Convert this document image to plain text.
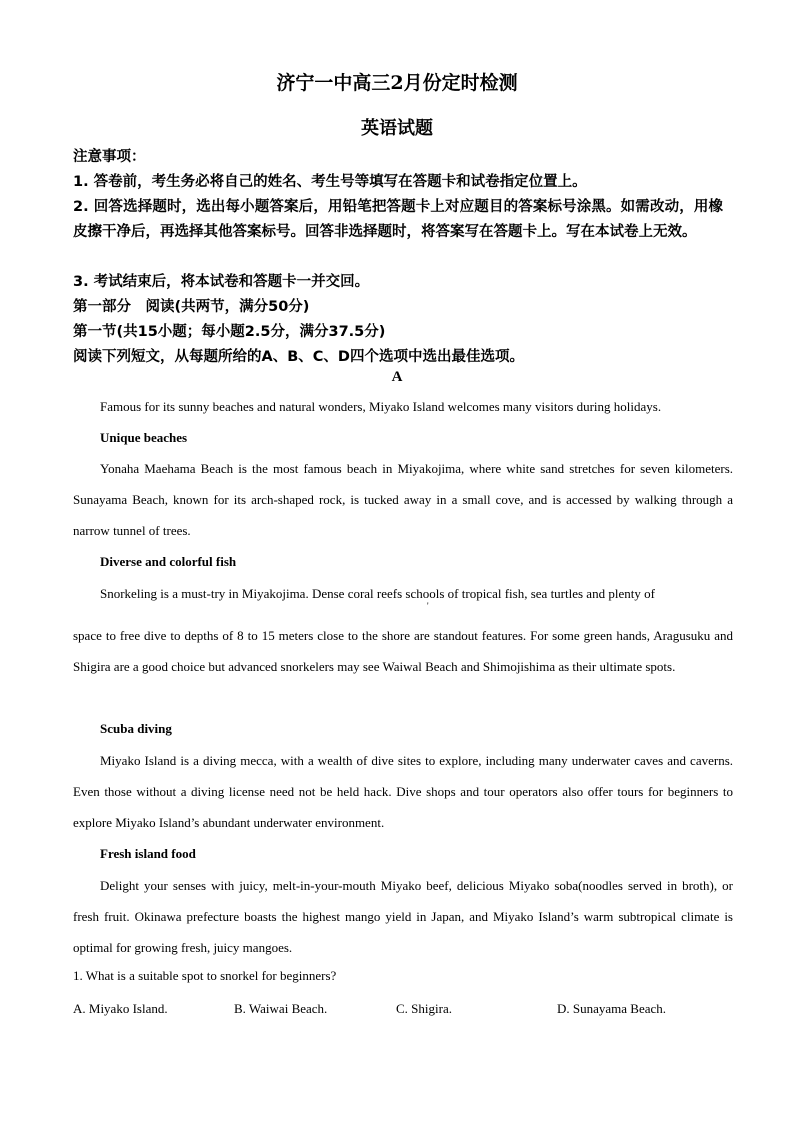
济宁一中高三2月份定时检测
英语试题

注意事项：

1. 答卷前，考生务必将自己的姓名、考生号等填写在答题卡和试卷指定位置上。

2. 回答选择题时，选出每小题答案后，用铅笔把答题卡上对应题目的答案标号涂黑。如需改动，用橡皮擦干净后，再选择其他答案标号。回答非选择题时，将答案写在答题卡上。写在本试卷上无效。

3. 考试结束后，将本试卷和答题卡一并交回。

第一部分　阅读(共两节，满分50分)

第一节(共15小题；每小题2.5分，满分37.5分)

阅读下列短文，从每题所给的A、B、C、D四个选项中选出最佳选项。

A

Famous for its sunny beaches and natural wonders, Miyako Island welcomes many visitors during holidays.

Unique beaches

Yonaha Maehama Beach is the most famous beach in Miyakojima, where white sand stretches for seven kilometers. Sunayama Beach, known for its arch-shaped rock, is tucked away in a small cove, and is accessed by walking through a narrow tunnel of trees.

Diverse and colorful fish

Snorkeling is a must-try in Miyakojima. Dense coral reefs schools of tropical fish, sea turtles and plenty of

'

space to free dive to depths of 8 to 15 meters close to the shore are standout features. For some green hands, Aragusuku and Shigira are a good choice but advanced snorkelers may see Waiwal Beach and Shimojishima as their ultimate spots.

Scuba diving

Miyako Island is a diving mecca, with a wealth of dive sites to explore, including many underwater caves and caverns. Even those without a diving license need not be held hack. Dive shops and tour operators also offer tours for beginners to explore Miyako Island’s abundant underwater environment.

Fresh island food

Delight your senses with juicy, melt-in-your-mouth Miyako beef, delicious Miyako soba(noodles served in broth), or fresh fruit. Okinawa prefecture boasts the highest mango yield in Japan, and Miyako Island’s warm subtropical climate is optimal for growing fresh, juicy mangoes.

1. What is a suitable spot to snorkel for beginners?

A. Miyako Island.	B. Waiwai Beach.	C. Shigira.	D. Sunayama Beach.
